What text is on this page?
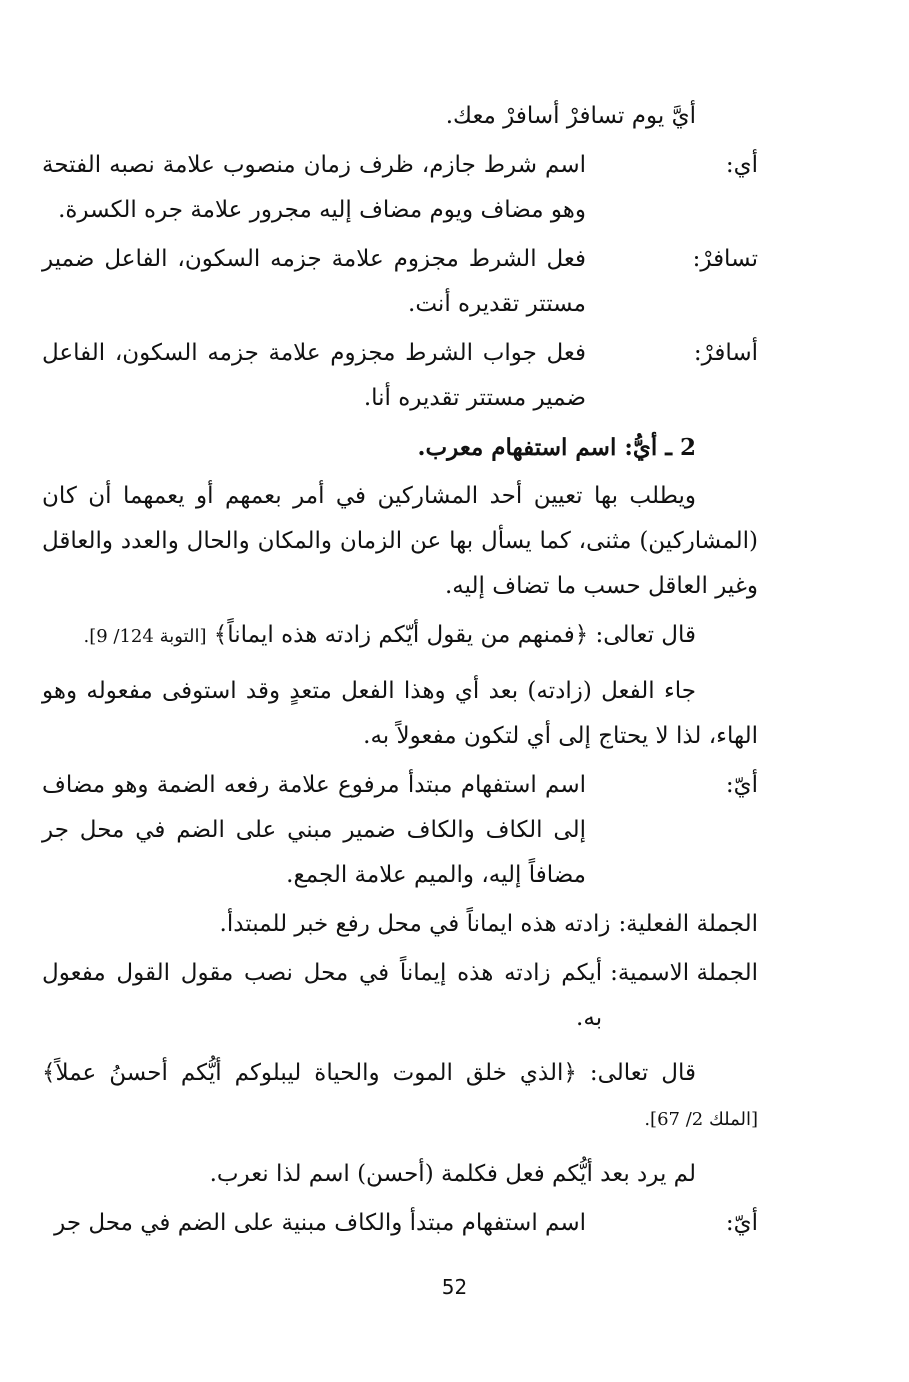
أيَّ يوم تسافرْ أسافرْ معك.

أي:
اسم شرط جازم، ظرف زمان منصوب علامة نصبه الفتحة وهو مضاف ويوم مضاف إليه مجرور علامة جره الكسرة.
تسافرْ:
فعل الشرط مجزوم علامة جزمه السكون، الفاعل ضمير مستتر تقديره أنت.
أسافرْ:
فعل جواب الشرط مجزوم علامة جزمه السكون، الفاعل ضمير مستتر تقديره أنا.

2 ـ أيُّ: اسم استفهام معرب.

ويطلب بها تعيين أحد المشاركين في أمر بعمهم أو يعمهما أن كان (المشاركين) مثنى، كما يسأل بها عن الزمان والمكان والحال والعدد والعاقل وغير العاقل حسب ما تضاف إليه.

قال تعالى: ﴿فمنهم من يقول أيّكم زادته هذه ايماناً﴾ [التوبة 124/ 9].

جاء الفعل (زادته) بعد أي وهذا الفعل متعدٍ وقد استوفى مفعوله وهو الهاء، لذا لا يحتاج إلى أي لتكون مفعولاً به.

أيّ:
اسم استفهام مبتدأ مرفوع علامة رفعه الضمة وهو مضاف إلى الكاف والكاف ضمير مبني على الضم في محل جر مضافاً إليه، والميم علامة الجمع.
الجملة الفعلية:
زادته هذه ايماناً في محل رفع خبر للمبتدأ.
الجملة الاسمية:
أيكم زادته هذه إيماناً في محل نصب مقول القول مفعول به.

قال تعالى: ﴿الذي خلق الموت والحياة ليبلوكم أيُّكم أحسنُ عملاً﴾ [الملك 2/ 67].

لم يرد بعد أيُّكم فعل فكلمة (أحسن) اسم لذا نعرب.

أيّ:
اسم استفهام مبتدأ والكاف مبنية على الضم في محل جر
52
